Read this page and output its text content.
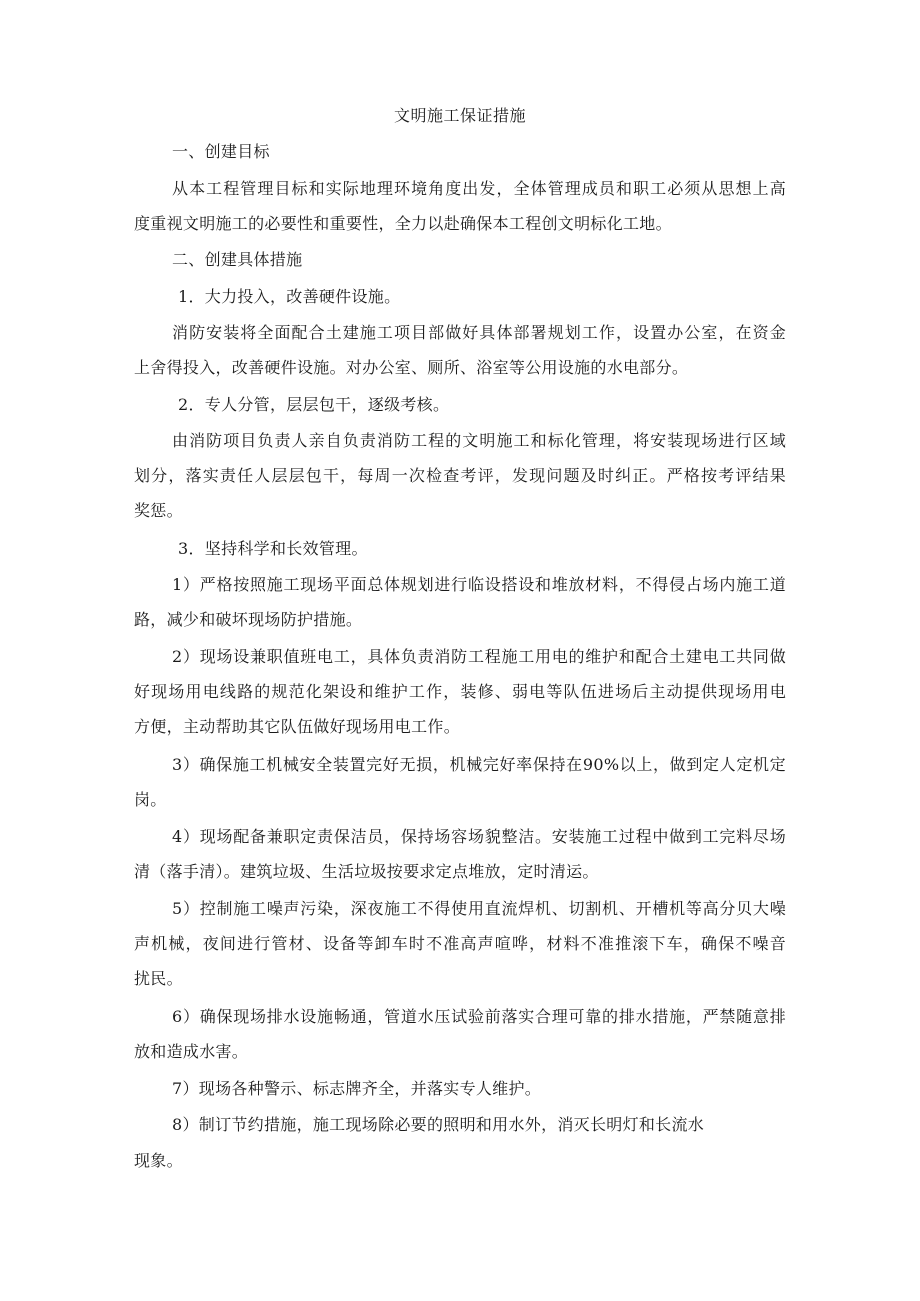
文明施工保证措施
一、创建目标
从本工程管理目标和实际地理环境角度出发，全体管理成员和职工必须从思想上高
度重视文明施工的必要性和重要性，全力以赴确保本工程创文明标化工地。
二、创建具体措施
1．大力投入，改善硬件设施。
消防安装将全面配合土建施工项目部做好具体部署规划工作，设置办公室，在资金
上舍得投入，改善硬件设施。对办公室、厕所、浴室等公用设施的水电部分。
2．专人分管，层层包干，逐级考核。
由消防项目负责人亲自负责消防工程的文明施工和标化管理，将安装现场进行区域
划分，落实责任人层层包干，每周一次检查考评，发现问题及时纠正。严格按考评结果
奖惩。
3．坚持科学和长效管理。
1）严格按照施工现场平面总体规划进行临设搭设和堆放材料，不得侵占场内施工道
路，减少和破坏现场防护措施。
2）现场设兼职值班电工，具体负责消防工程施工用电的维护和配合土建电工共同做
好现场用电线路的规范化架设和维护工作，装修、弱电等队伍进场后主动提供现场用电
方便，主动帮助其它队伍做好现场用电工作。
3）确保施工机械安全装置完好无损，机械完好率保持在90%以上，做到定人定机定
岗。
4）现场配备兼职定责保洁员，保持场容场貌整洁。安装施工过程中做到工完料尽场
清（落手清）。建筑垃圾、生活垃圾按要求定点堆放，定时清运。
5）控制施工噪声污染，深夜施工不得使用直流焊机、切割机、开槽机等高分贝大噪
声机械，夜间进行管材、设备等卸车时不准高声喧哗，材料不准推滚下车，确保不噪音
扰民。
6）确保现场排水设施畅通，管道水压试验前落实合理可靠的排水措施，严禁随意排
放和造成水害。
7）现场各种警示、标志牌齐全，并落实专人维护。
8）制订节约措施，施工现场除必要的照明和用水外，消灭长明灯和长流水
现象。
